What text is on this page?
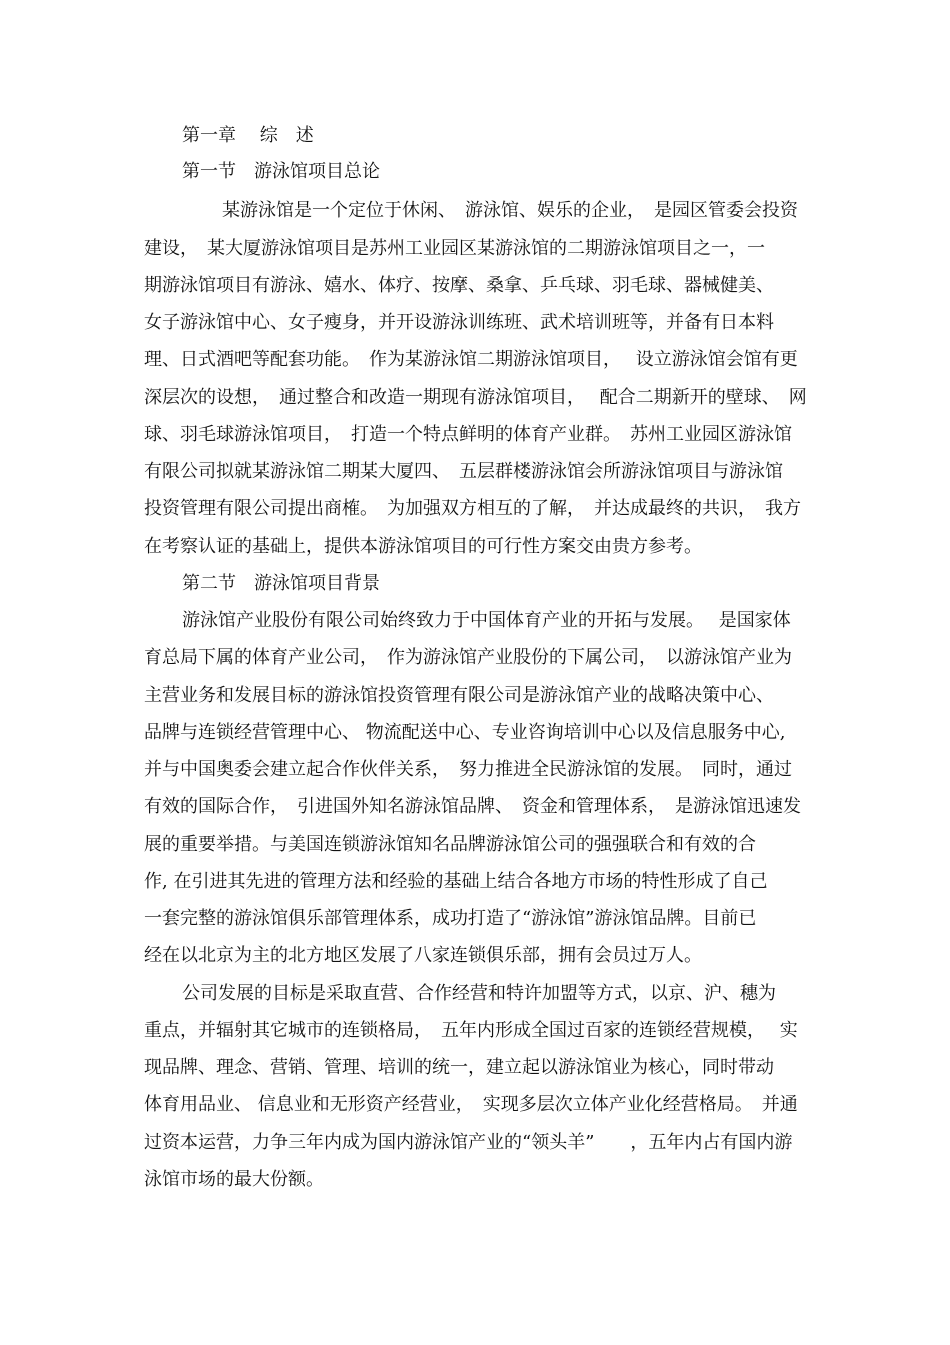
第一章　 综　述
第一节　游泳馆项目总论
某游泳馆是一个定位于休闲、　游泳馆、娱乐的企业，　是园区管委会投资
建设，　某大厦游泳馆项目是苏州工业园区某游泳馆的二期游泳馆项目之一，一
期游泳馆项目有游泳、嬉水、体疗、按摩、桑拿、乒乓球、羽毛球、器械健美、
女子游泳馆中心、女子瘦身，并开设游泳训练班、武术培训班等，并备有日本料
理、日式酒吧等配套功能。　作为某游泳馆二期游泳馆项目，　 设立游泳馆会馆有更
深层次的设想，　通过整合和改造一期现有游泳馆项目，　 配合二期新开的壁球、　网
球、羽毛球游泳馆项目，　打造一个特点鲜明的体育产业群。　苏州工业园区游泳馆
有限公司拟就某游泳馆二期某大厦四、　五层群楼游泳馆会所游泳馆项目与游泳馆
投资管理有限公司提出商榷。　为加强双方相互的了解，　并达成最终的共识，　我方
在考察认证的基础上，提供本游泳馆项目的可行性方案交由贵方参考。
第二节　游泳馆项目背景
游泳馆产业股份有限公司始终致力于中国体育产业的开拓与发展。　 是国家体
育总局下属的体育产业公司，　作为游泳馆产业股份的下属公司，　以游泳馆产业为
主营业务和发展目标的游泳馆投资管理有限公司是游泳馆产业的战略决策中心、
品牌与连锁经营管理中心、 物流配送中心、专业咨询培训中心以及信息服务中心,
并与中国奥委会建立起合作伙伴关系，　努力推进全民游泳馆的发展。　同时，通过
有效的国际合作，　引进国外知名游泳馆品牌、　资金和管理体系，　是游泳馆迅速发
展的重要举措。与美国连锁游泳馆知名品牌游泳馆公司的强强联合和有效的合
作, 在引进其先进的管理方法和经验的基础上结合各地方市场的特性形成了自己
一套完整的游泳馆俱乐部管理体系，成功打造了“游泳馆”游泳馆品牌。目前已
经在以北京为主的北方地区发展了八家连锁俱乐部，拥有会员过万人。
公司发展的目标是采取直营、合作经营和特许加盟等方式，以京、沪、穗为
重点，并辐射其它城市的连锁格局，　五年内形成全国过百家的连锁经营规模，　 实
现品牌、理念、营销、管理、培训的统一，建立起以游泳馆业为核心，同时带动
体育用品业、 信息业和无形资产经营业，　实现多层次立体产业化经营格局。　并通
过资本运营，力争三年内成为国内游泳馆产业的“领头羊”　　，五年内占有国内游
泳馆市场的最大份额。
